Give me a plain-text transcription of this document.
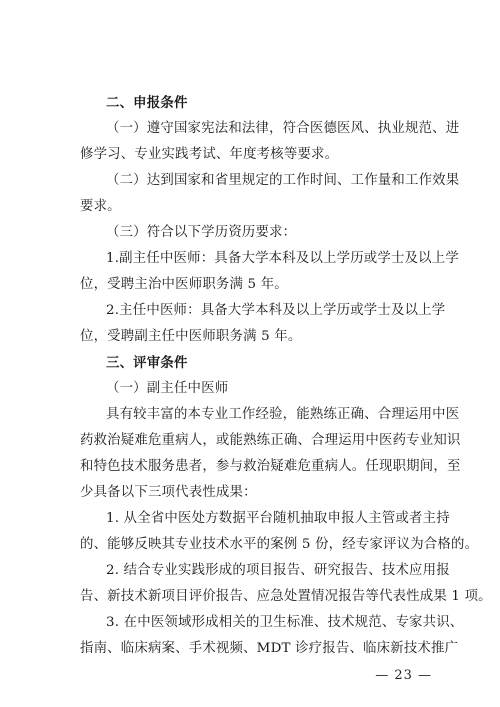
二、申报条件
（一）遵守国家宪法和法律，符合医德医风、执业规范、进
修学习、专业实践考试、年度考核等要求。
（二）达到国家和省里规定的工作时间、工作量和工作效果
要求。
（三）符合以下学历资历要求：
1.副主任中医师：具备大学本科及以上学历或学士及以上学
位，受聘主治中医师职务满 5 年。
2.主任中医师：具备大学本科及以上学历或学士及以上学
位，受聘副主任中医师职务满 5 年。
三、评审条件
（一）副主任中医师
具有较丰富的本专业工作经验，能熟练正确、合理运用中医
药救治疑难危重病人，或能熟练正确、合理运用中医药专业知识
和特色技术服务患者，参与救治疑难危重病人。任现职期间，至
少具备以下三项代表性成果：
1. 从全省中医处方数据平台随机抽取申报人主管或者主持
的、能够反映其专业技术水平的案例 5 份，经专家评议为合格的。
2. 结合专业实践形成的项目报告、研究报告、技术应用报
告、新技术新项目评价报告、应急处置情况报告等代表性成果 1 项。
3. 在中医领域形成相关的卫生标准、技术规范、专家共识、
指南、临床病案、手术视频、MDT 诊疗报告、临床新技术推广
— 23 —
